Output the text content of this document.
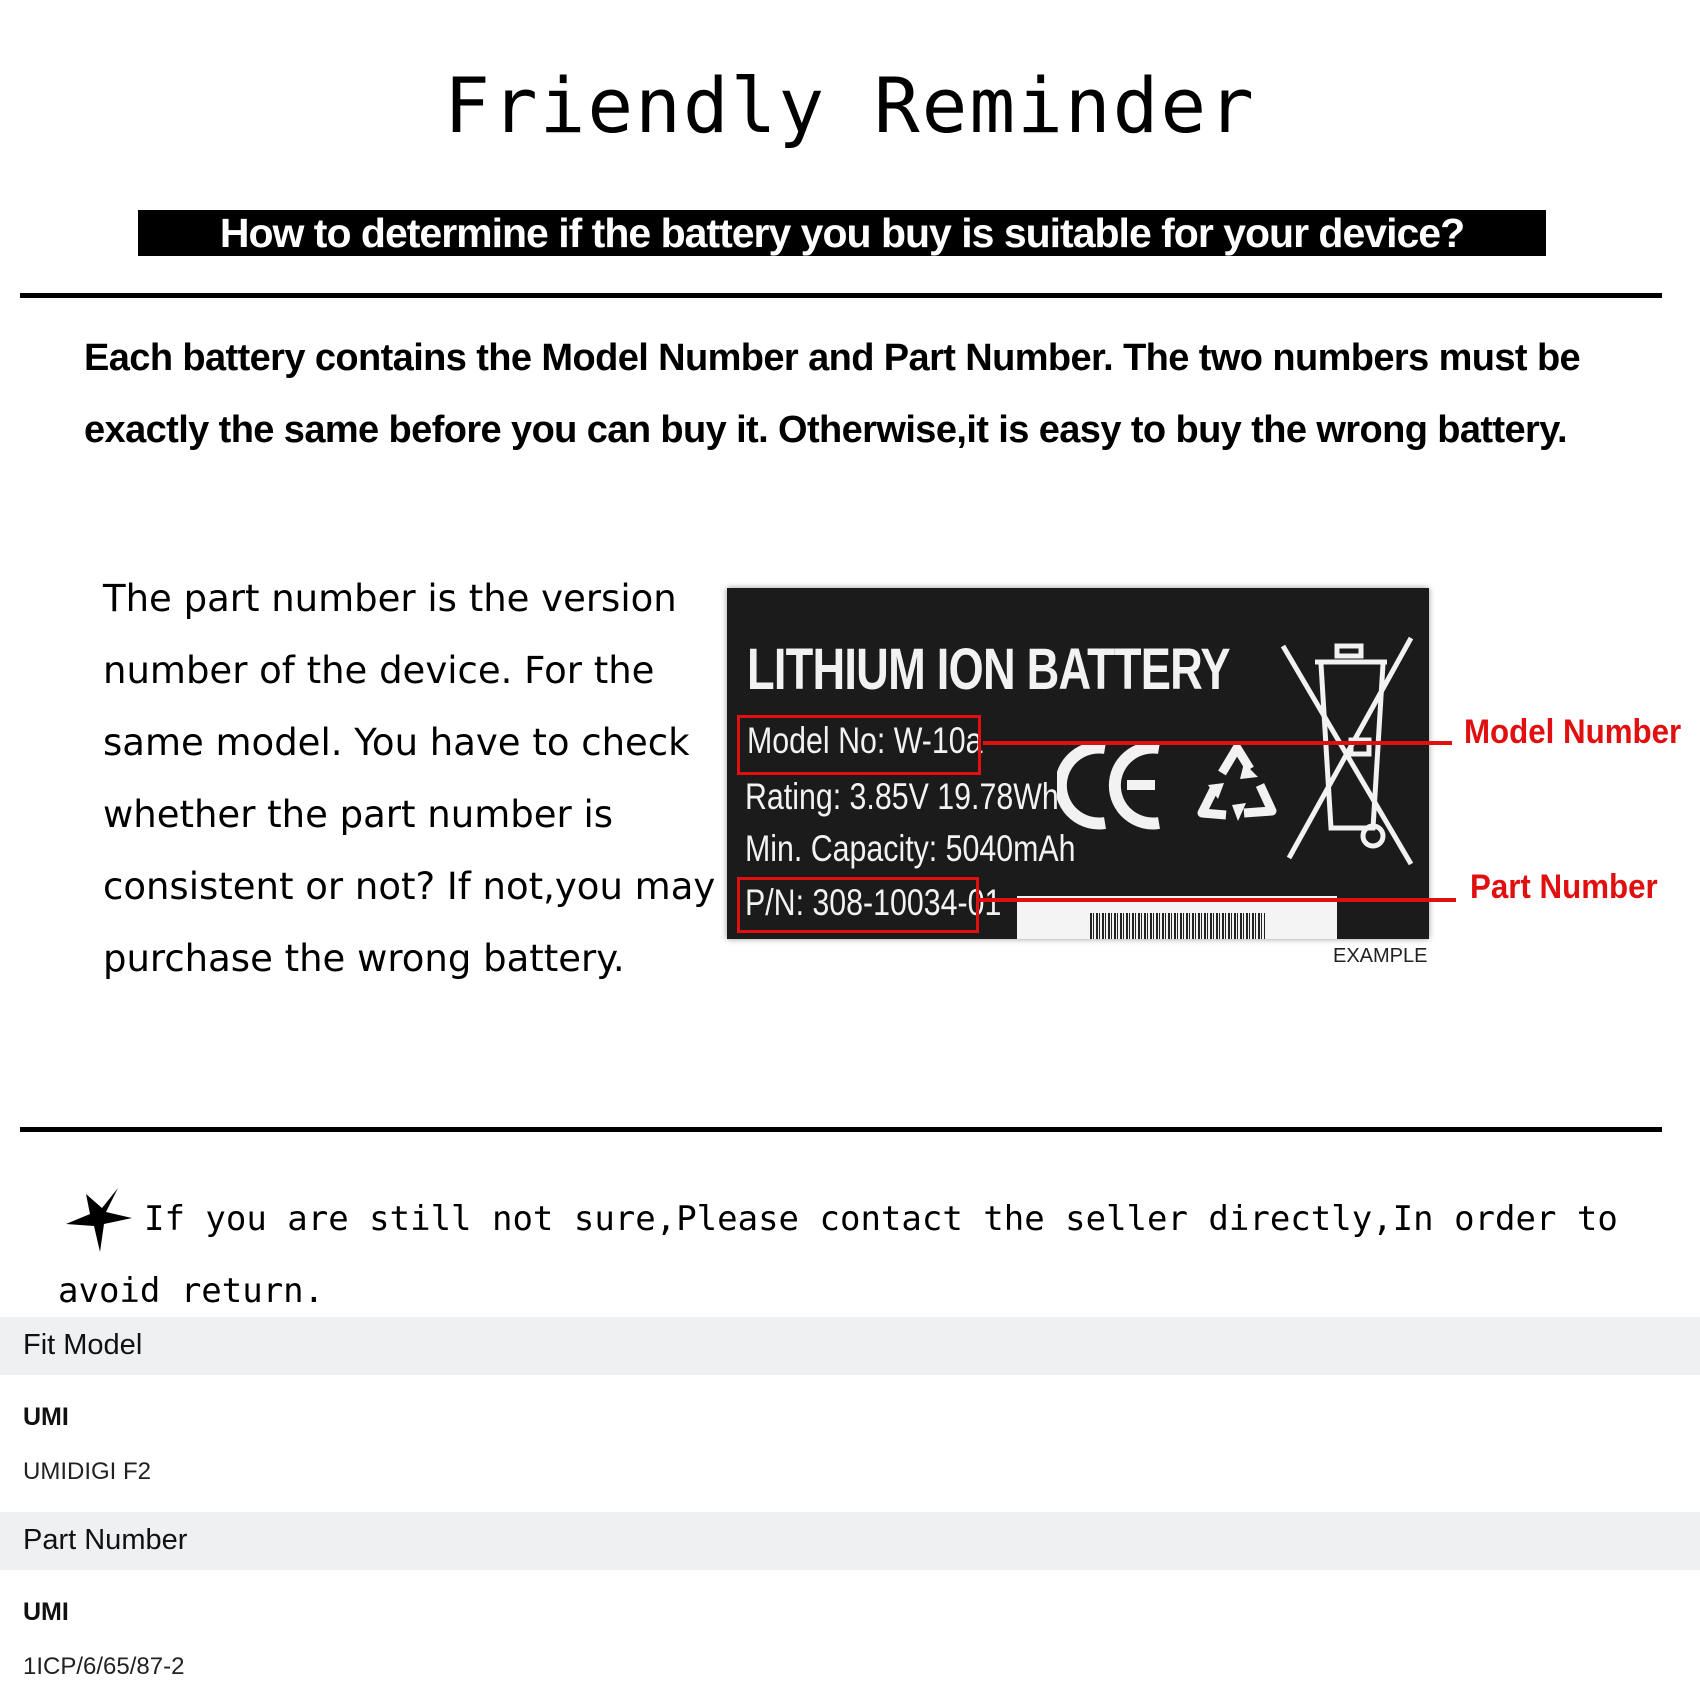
Friendly Reminder
How to determine if the battery you buy is suitable for your device?
Each battery contains the Model Number and Part Number. The two numbers must be exactly the same before you can buy it. Otherwise,it is easy to buy the wrong battery.
The part number is the version number of the device. For the same model. You have to check whether the part number is consistent or not? If not,you may purchase the wrong battery.
LITHIUM ION BATTERY
Model No: W-10a
Rating: 3.85V 19.78Wh
Min. Capacity: 5040mAh
P/N: 308-10034-01
Model Number
Part Number
EXAMPLE
If you are still not sure,Please contact the seller directly,In order to avoid return.
Fit Model
UMI
UMIDIGI F2
Part Number
UMI
1ICP/6/65/87-2
